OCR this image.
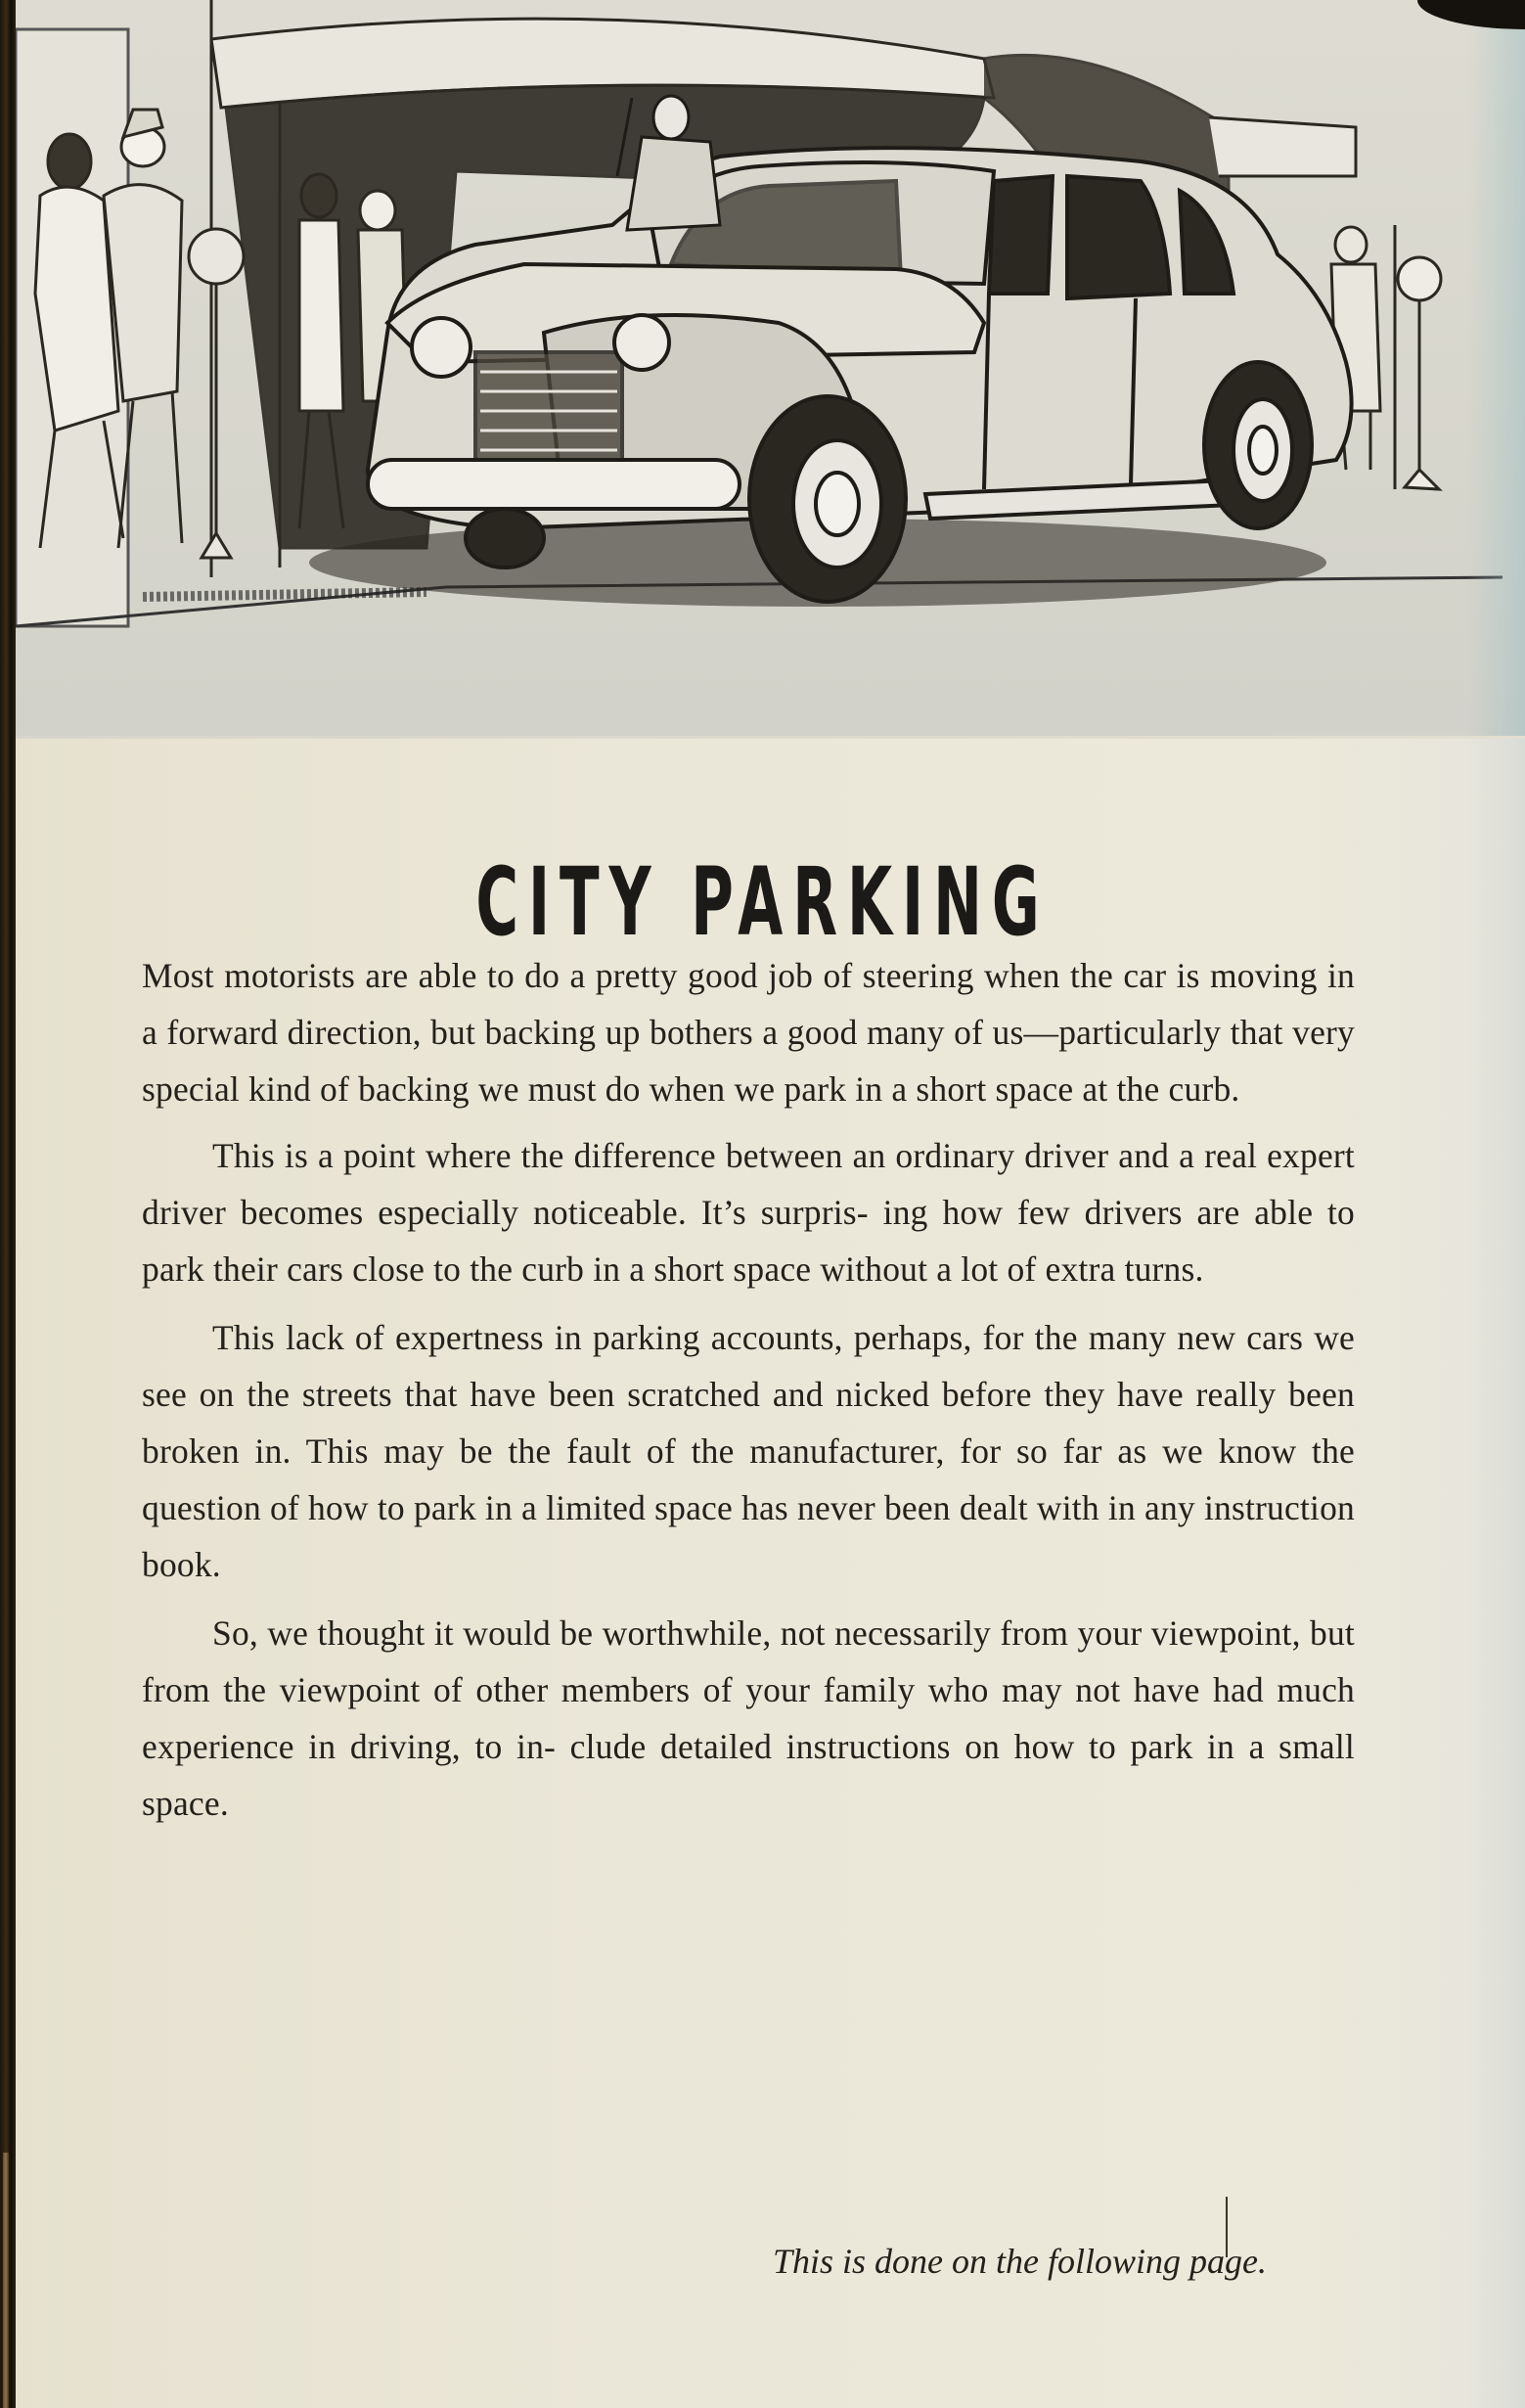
CITY PARKING

Most motorists are able to do a pretty good job of steering when the car is moving in a forward direction, but backing up bothers a good many of us—particularly that very special kind of backing we must do when we park in a short space at the curb.

This is a point where the difference between an ordinary driver and a real expert driver becomes especially noticeable. It’s surpris- ing how few drivers are able to park their cars close to the curb in a short space without a lot of extra turns.

This lack of expertness in parking accounts, perhaps, for the many new cars we see on the streets that have been scratched and nicked before they have really been broken in. This may be the fault of the manufacturer, for so far as we know the question of how to park in a limited space has never been dealt with in any instruction book.

So, we thought it would be worthwhile, not necessarily from your viewpoint, but from the viewpoint of other members of your family who may not have had much experience in driving, to in- clude detailed instructions on how to park in a small space.

This is done on the following page.
